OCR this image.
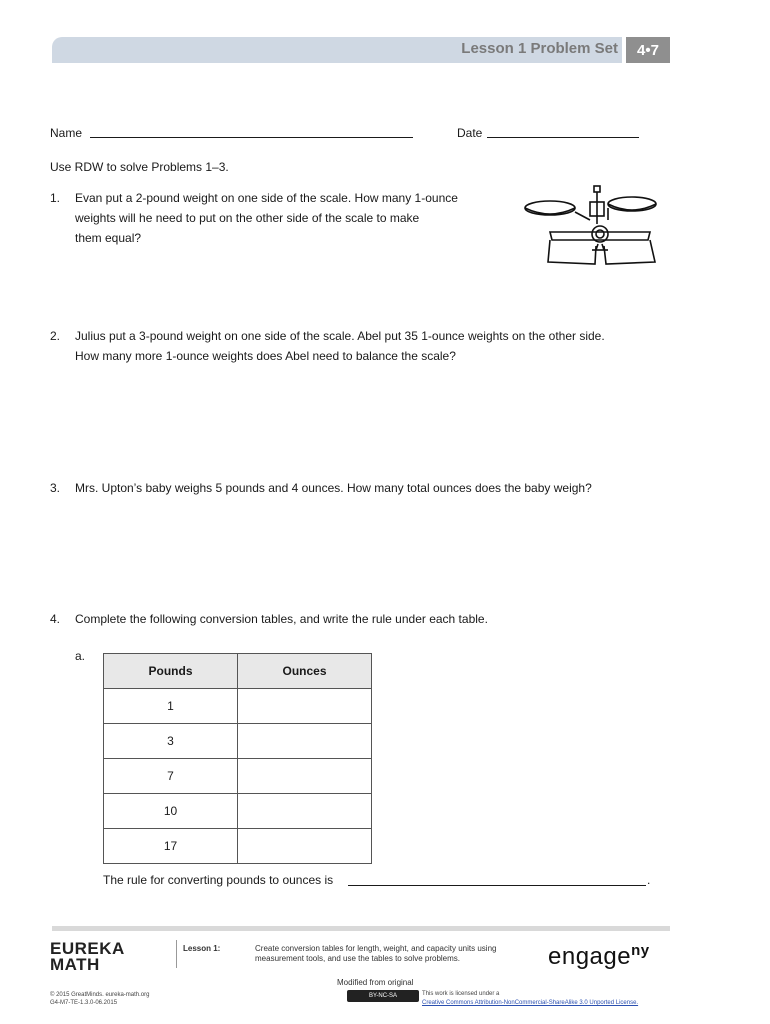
Lesson 1 Problem Set	4•7
Name	Date
Use RDW to solve Problems 1–3.
1. Evan put a 2-pound weight on one side of the scale. How many 1-ounce
weights will he need to put on the other side of the scale to make
them equal?
2. Julius put a 3-pound weight on one side of the scale. Abel put 35 1-ounce weights on the other side.
How many more 1-ounce weights does Abel need to balance the scale?
3. Mrs. Upton’s baby weighs 5 pounds and 4 ounces. How many total ounces does the baby weigh?
4. Complete the following conversion tables, and write the rule under each table.
a.
Pounds	Ounces
1	
3	
7	
10	
17	
The rule for converting pounds to ounces is	.
EUREKA
MATH
Lesson 1:	Create conversion tables for length, weight, and capacity units using
measurement tools, and use the tables to solve problems.	engage$^{ny}$
Modified from original
BY-NC-SA	This work is licensed under a
Creative Commons Attribution-NonCommercial-ShareAlike 3.0 Unported License.
© 2015 GreatMinds. eureka-math.org
G4-M7-TE-1.3.0-06.2015
